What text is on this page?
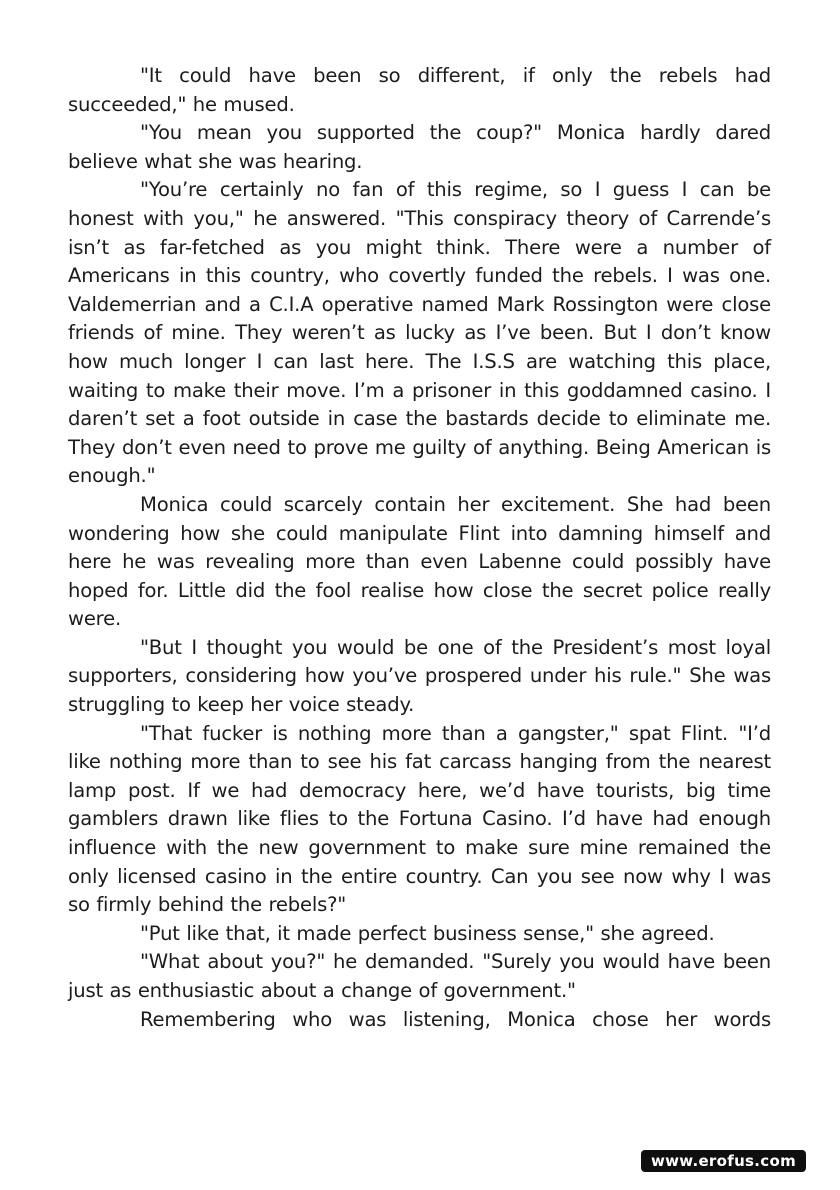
"It could have been so different, if only the rebels had succeeded," he mused.

"You mean you supported the coup?" Monica hardly dared believe what she was hearing.

"You’re certainly no fan of this regime, so I guess I can be honest with you," he answered. "This conspiracy theory of Carrende’s isn’t as far-fetched as you might think. There were a number of Americans in this country, who covertly funded the rebels. I was one. Valdemerrian and a C.I.A operative named Mark Rossington were close friends of mine. They weren’t as lucky as I’ve been. But I don’t know how much longer I can last here. The I.S.S are watching this place, waiting to make their move. I’m a prisoner in this goddamned casino. I daren’t set a foot outside in case the bastards decide to eliminate me. They don’t even need to prove me guilty of anything. Being American is enough."

Monica could scarcely contain her excitement. She had been wondering how she could manipulate Flint into damning himself and here he was revealing more than even Labenne could possibly have hoped for. Little did the fool realise how close the secret police really were.

"But I thought you would be one of the President’s most loyal supporters, considering how you’ve prospered under his rule." She was struggling to keep her voice steady.

"That fucker is nothing more than a gangster," spat Flint. "I’d like nothing more than to see his fat carcass hanging from the nearest lamp post. If we had democracy here, we’d have tourists, big time gamblers drawn like flies to the Fortuna Casino. I’d have had enough influence with the new government to make sure mine remained the only licensed casino in the entire country. Can you see now why I was so firmly behind the rebels?"

"Put like that, it made perfect business sense," she agreed.

"What about you?" he demanded. "Surely you would have been just as enthusiastic about a change of government."

Remembering who was listening, Monica chose her words

www.erofus.com
